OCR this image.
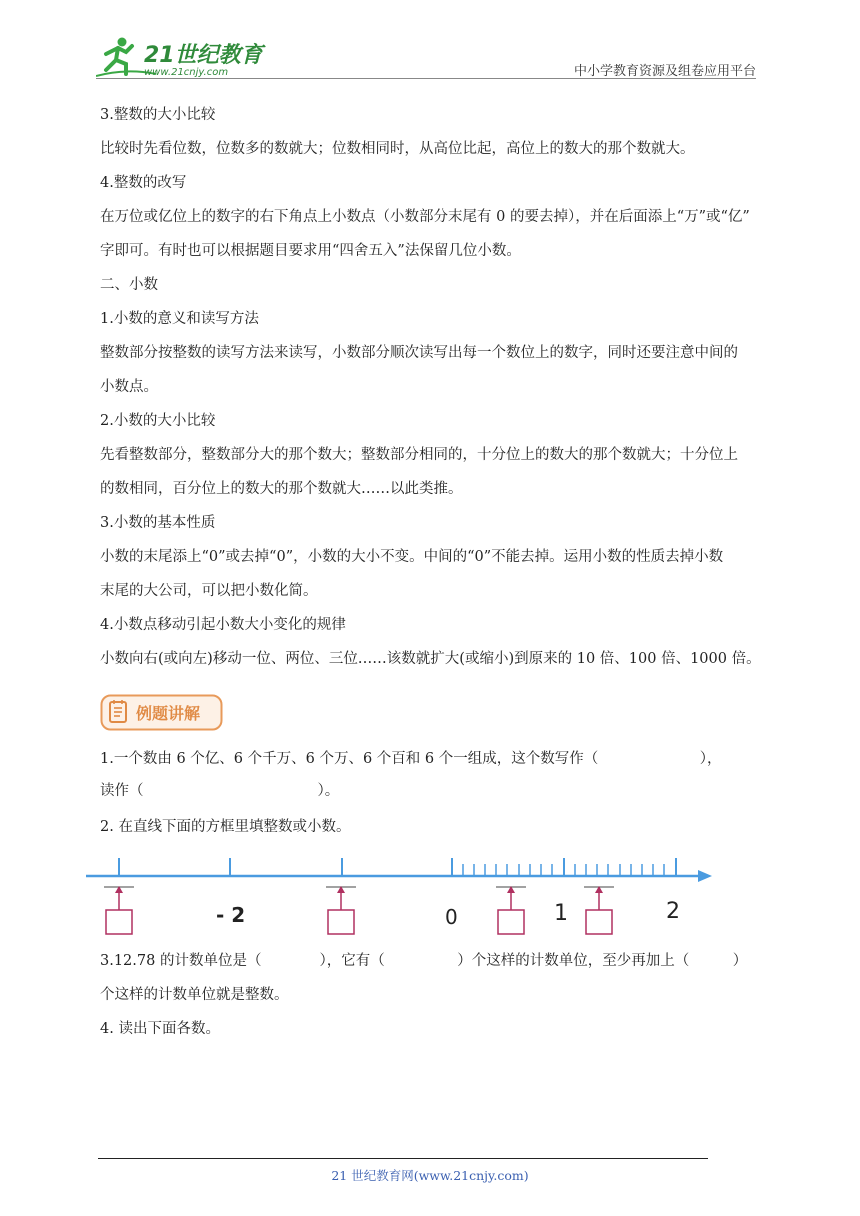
21世纪教育
www.21cnjy.com	中小学教育资源及组卷应用平台
3.整数的大小比较
比较时先看位数，位数多的数就大；位数相同时，从高位比起，高位上的数大的那个数就大。
4.整数的改写
在万位或亿位上的数字的右下角点上小数点（小数部分末尾有 0 的要去掉），并在后面添上“万”或“亿”
字即可。有时也可以根据题目要求用“四舍五入”法保留几位小数。
二、小数
1.小数的意义和读写方法
整数部分按整数的读写方法来读写，小数部分顺次读写出每一个数位上的数字，同时还要注意中间的
小数点。
2.小数的大小比较
先看整数部分，整数部分大的那个数大；整数部分相同的，十分位上的数大的那个数就大；十分位上
的数相同，百分位上的数大的那个数就大……以此类推。
3.小数的基本性质
小数的末尾添上“0”或去掉“0”，小数的大小不变。中间的“0”不能去掉。运用小数的性质去掉小数
末尾的大公司，可以把小数化简。
4.小数点移动引起小数大小变化的规律
小数向右(或向左)移动一位、两位、三位……该数就扩大(或缩小)到原来的 10 倍、100 倍、1000 倍。
例题讲解
1.一个数由 6 个亿、6 个千万、6 个万、6 个百和 6 个一组成，这个数写作（　　　　　　　），
读作（　　　　　　　　　　　　）。
2. 在直线下面的方框里填整数或小数。
- 2	0	1	2
3.12.78 的计数单位是（　　　　），它有（　　　　　）个这样的计数单位，至少再加上（　　　）
个这样的计数单位就是整数。
4. 读出下面各数。
21 世纪教育网(www.21cnjy.com)
